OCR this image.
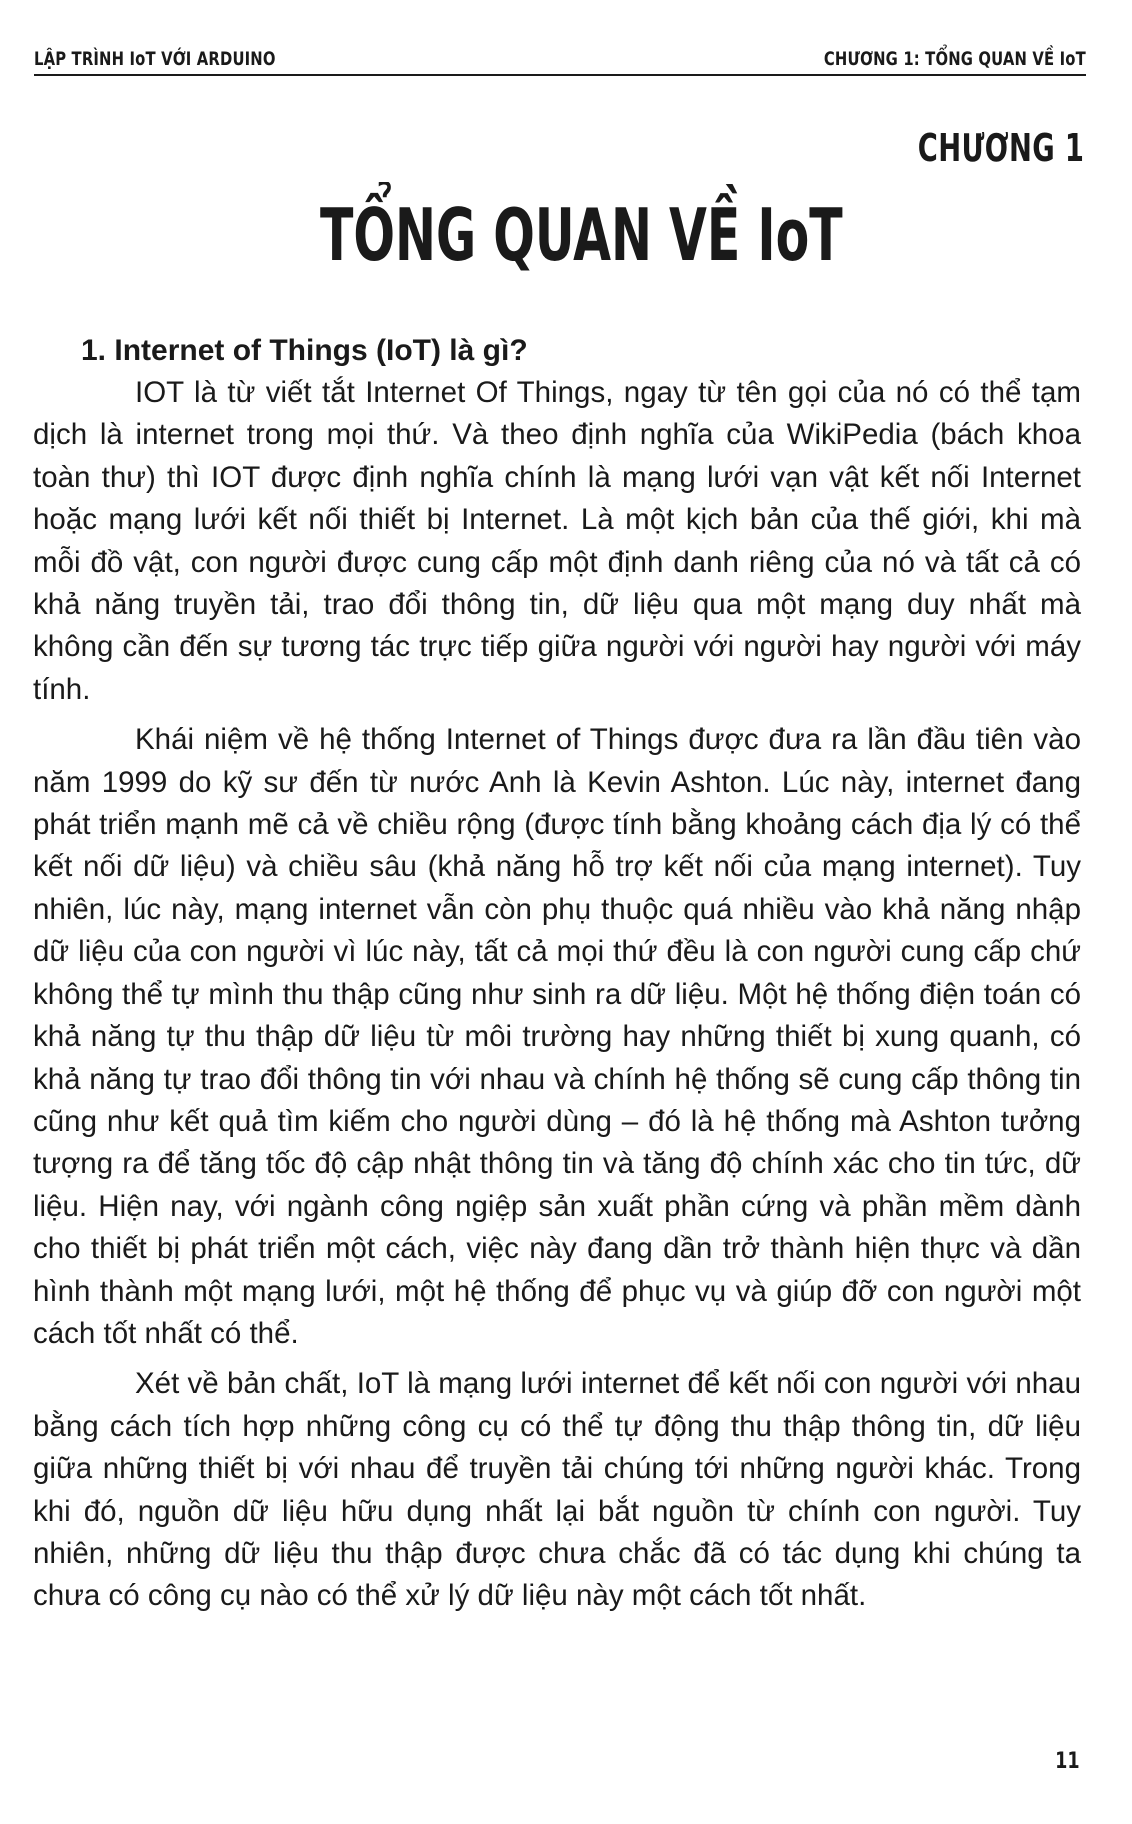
LẬP TRÌNH IoT VỚI ARDUINO	CHƯƠNG 1: TỔNG QUAN VỀ IoT
CHƯƠNG 1
TỔNG QUAN VỀ IoT

1. Internet of Things (IoT) là gì?

IOT là từ viết tắt Internet Of Things, ngay từ tên gọi của nó có thể tạm dịch là internet trong mọi thứ. Và theo định nghĩa của WikiPedia (bách khoa toàn thư) thì IOT được định nghĩa chính là mạng lưới vạn vật kết nối Internet hoặc mạng lưới kết nối thiết bị Internet. Là một kịch bản của thế giới, khi mà mỗi đồ vật, con người được cung cấp một định danh riêng của nó và tất cả có khả năng truyền tải, trao đổi thông tin, dữ liệu qua một mạng duy nhất mà không cần đến sự tương tác trực tiếp giữa người với người hay người với máy tính.

Khái niệm về hệ thống Internet of Things được đưa ra lần đầu tiên vào năm 1999 do kỹ sư đến từ nước Anh là Kevin Ashton. Lúc này, internet đang phát triển mạnh mẽ cả về chiều rộng (được tính bằng khoảng cách địa lý có thể kết nối dữ liệu) và chiều sâu (khả năng hỗ trợ kết nối của mạng internet). Tuy nhiên, lúc này, mạng internet vẫn còn phụ thuộc quá nhiều vào khả năng nhập dữ liệu của con người vì lúc này, tất cả mọi thứ đều là con người cung cấp chứ không thể tự mình thu thập cũng như sinh ra dữ liệu. Một hệ thống điện toán có khả năng tự thu thập dữ liệu từ môi trường hay những thiết bị xung quanh, có khả năng tự trao đổi thông tin với nhau và chính hệ thống sẽ cung cấp thông tin cũng như kết quả tìm kiếm cho người dùng – đó là hệ thống mà Ashton tưởng tượng ra để tăng tốc độ cập nhật thông tin và tăng độ chính xác cho tin tức, dữ liệu. Hiện nay, với ngành công ngiệp sản xuất phần cứng và phần mềm dành cho thiết bị phát triển một cách, việc này đang dần trở thành hiện thực và dần hình thành một mạng lưới, một hệ thống để phục vụ và giúp đỡ con người một cách tốt nhất có thể.

Xét về bản chất, IoT là mạng lưới internet để kết nối con người với nhau bằng cách tích hợp những công cụ có thể tự động thu thập thông tin, dữ liệu giữa những thiết bị với nhau để truyền tải chúng tới những người khác. Trong khi đó, nguồn dữ liệu hữu dụng nhất lại bắt nguồn từ chính con người. Tuy nhiên, những dữ liệu thu thập được chưa chắc đã có tác dụng khi chúng ta chưa có công cụ nào có thể xử lý dữ liệu này một cách tốt nhất.

11
